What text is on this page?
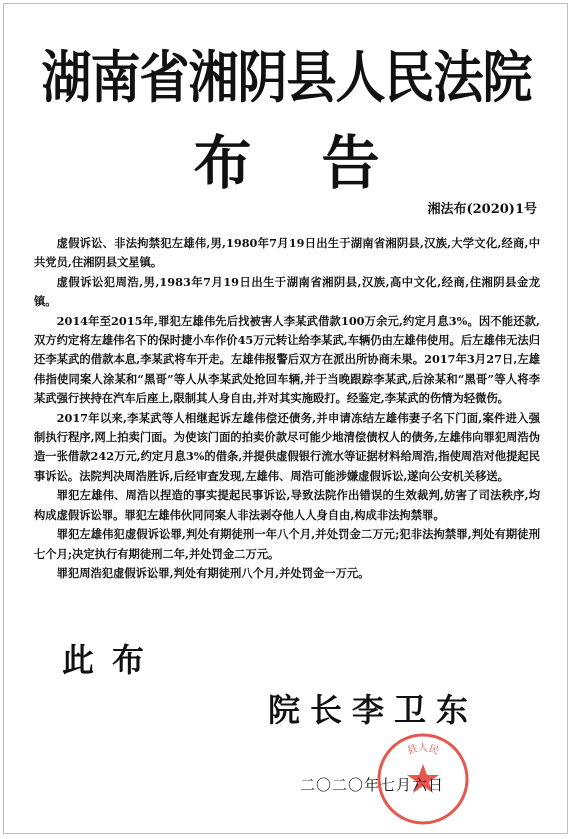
湖南省湘阴县人民法院
布告
湘法布(2020)1号

虚假诉讼、非法拘禁犯左雄伟,男,1980年7月19日出生于湖南省湘阴县,汉族,大学文化,经商,中共党员,住湘阴县文星镇。

虚假诉讼犯周浩,男,1983年7月19日出生于湖南省湘阴县,汉族,高中文化,经商,住湘阴县金龙镇。

2014年至2015年,罪犯左雄伟先后找被害人李某武借款100万余元,约定月息3%。因不能还款,双方约定将左雄伟名下的保时捷小车作价45万元转让给李某武,车辆仍由左雄伟使用。后左雄伟无法归还李某武的借款本息,李某武将车开走。左雄伟报警后双方在派出所协商未果。2017年3月27日,左雄伟指使同案人涂某和“黑哥”等人从李某武处抢回车辆,并于当晚跟踪李某武,后涂某和“黑哥”等人将李某武强行挟持在汽车后座上,限制其人身自由,并对其实施殴打。经鉴定,李某武的伤情为轻微伤。

2017年以来,李某武等人相继起诉左雄伟偿还债务,并申请冻结左雄伟妻子名下门面,案件进入强制执行程序,网上拍卖门面。为使该门面的拍卖价款尽可能少地清偿债权人的债务,左雄伟向罪犯周浩伪造一张借款242万元,约定月息3%的借条,并提供虚假银行流水等证据材料给周浩,指使周浩对他提起民事诉讼。法院判决周浩胜诉,后经审查发现,左雄伟、周浩可能涉嫌虚假诉讼,遂向公安机关移送。

罪犯左雄伟、周浩以捏造的事实提起民事诉讼,导致法院作出错误的生效裁判,妨害了司法秩序,均构成虚假诉讼罪。罪犯左雄伟伙同同案人非法剥夺他人人身自由,构成非法拘禁罪。

罪犯左雄伟犯虚假诉讼罪,判处有期徒刑一年八个月,并处罚金二万元;犯非法拘禁罪,判处有期徒刑七个月;决定执行有期徒刑二年,并处罚金二万元。

罪犯周浩犯虚假诉讼罪,判处有期徒刑八个月,并处罚金一万元。

此布
院长李卫东
县人民
二〇二〇年七月六日
